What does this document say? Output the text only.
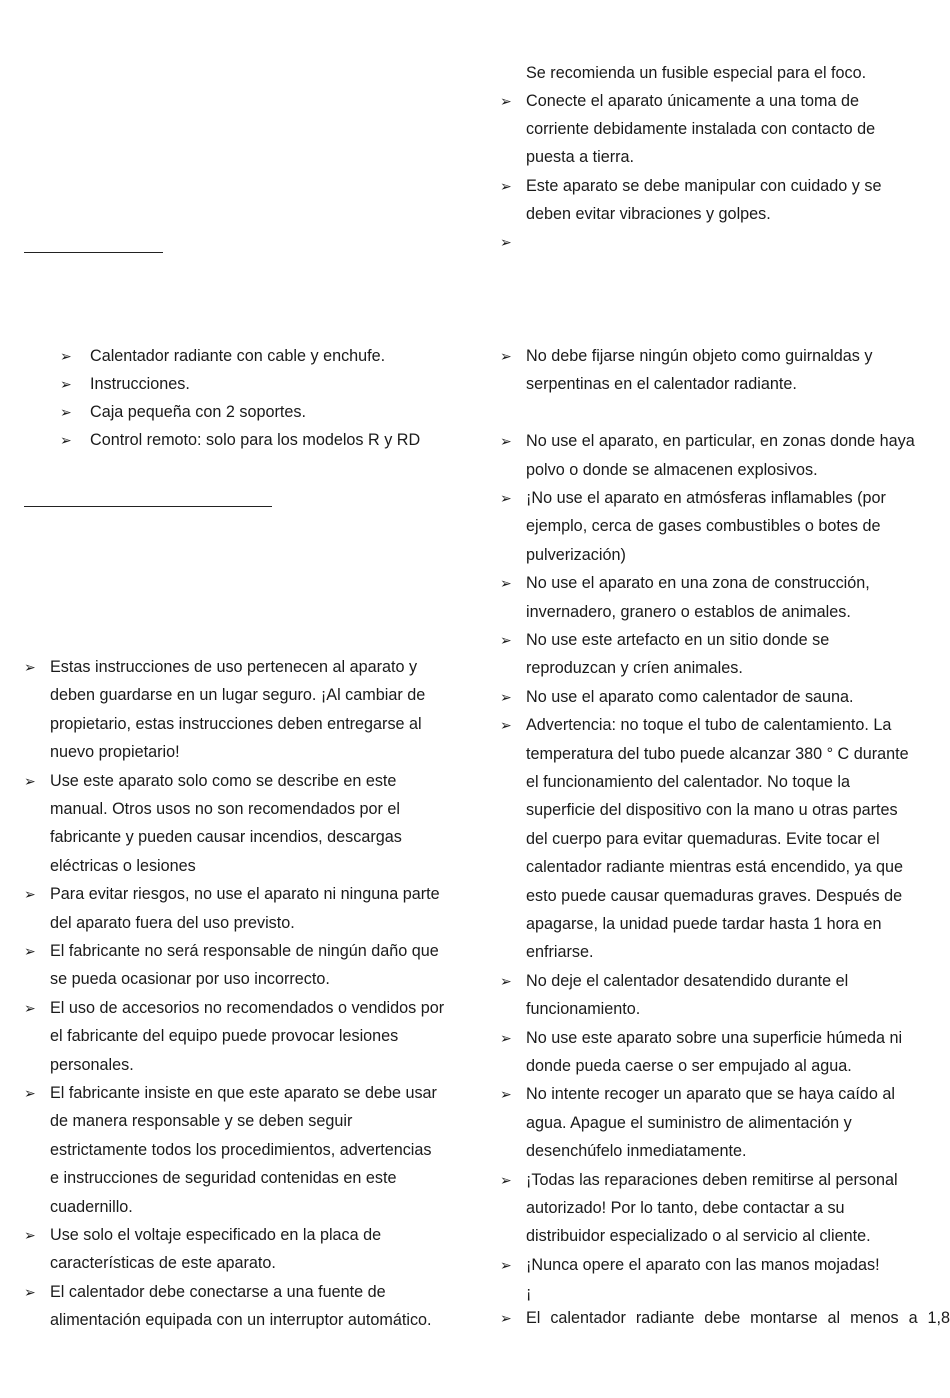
Se recomienda un fusible especial para el foco.
➢ Conecte el aparato únicamente a una toma de
corriente debidamente instalada con contacto de
puesta a tierra.
➢ Este aparato se debe manipular con cuidado y se
deben evitar vibraciones y golpes.
➢
➢ Calentador radiante con cable y enchufe.
➢ Instrucciones.
➢ Caja pequeña con 2 soportes.
➢ Control remoto: solo para los modelos R y RD
➢ Estas instrucciones de uso pertenecen al aparato y
deben guardarse en un lugar seguro. ¡Al cambiar de
propietario, estas instrucciones deben entregarse al
nuevo propietario!
➢ Use este aparato solo como se describe en este
manual. Otros usos no son recomendados por el
fabricante y pueden causar incendios, descargas
eléctricas o lesiones
➢ Para evitar riesgos, no use el aparato ni ninguna parte
del aparato fuera del uso previsto.
➢ El fabricante no será responsable de ningún daño que
se pueda ocasionar por uso incorrecto.
➢ El uso de accesorios no recomendados o vendidos por
el fabricante del equipo puede provocar lesiones
personales.
➢ El fabricante insiste en que este aparato se debe usar
de manera responsable y se deben seguir
estrictamente todos los procedimientos, advertencias
e instrucciones de seguridad contenidas en este
cuadernillo.
➢ Use solo el voltaje especificado en la placa de
características de este aparato.
➢ El calentador debe conectarse a una fuente de
alimentación equipada con un interruptor automático.
➢ No debe fijarse ningún objeto como guirnaldas y
serpentinas en el calentador radiante.
➢ No use el aparato, en particular, en zonas donde haya
polvo o donde se almacenen explosivos.
➢ ¡No use el aparato en atmósferas inflamables (por
ejemplo, cerca de gases combustibles o botes de
pulverización)
➢ No use el aparato en una zona de construcción,
invernadero, granero o establos de animales.
➢ No use este artefacto en un sitio donde se
reproduzcan y críen animales.
➢ No use el aparato como calentador de sauna.
➢ Advertencia: no toque el tubo de calentamiento. La
temperatura del tubo puede alcanzar 380 ° C durante
el funcionamiento del calentador. No toque la
superficie del dispositivo con la mano u otras partes
del cuerpo para evitar quemaduras. Evite tocar el
calentador radiante mientras está encendido, ya que
esto puede causar quemaduras graves. Después de
apagarse, la unidad puede tardar hasta 1 hora en
enfriarse.
➢ No deje el calentador desatendido durante el
funcionamiento.
➢ No use este aparato sobre una superficie húmeda ni
donde pueda caerse o ser empujado al agua.
➢ No intente recoger un aparato que se haya caído al
agua. Apague el suministro de alimentación y
desenchúfelo inmediatamente.
➢ ¡Todas las reparaciones deben remitirse al personal
autorizado! Por lo tanto, debe contactar a su
distribuidor especializado o al servicio al cliente.
➢ ¡Nunca opere el aparato con las manos mojadas!
¡
➢ El calentador radiante debe montarse al menos a 1,8
